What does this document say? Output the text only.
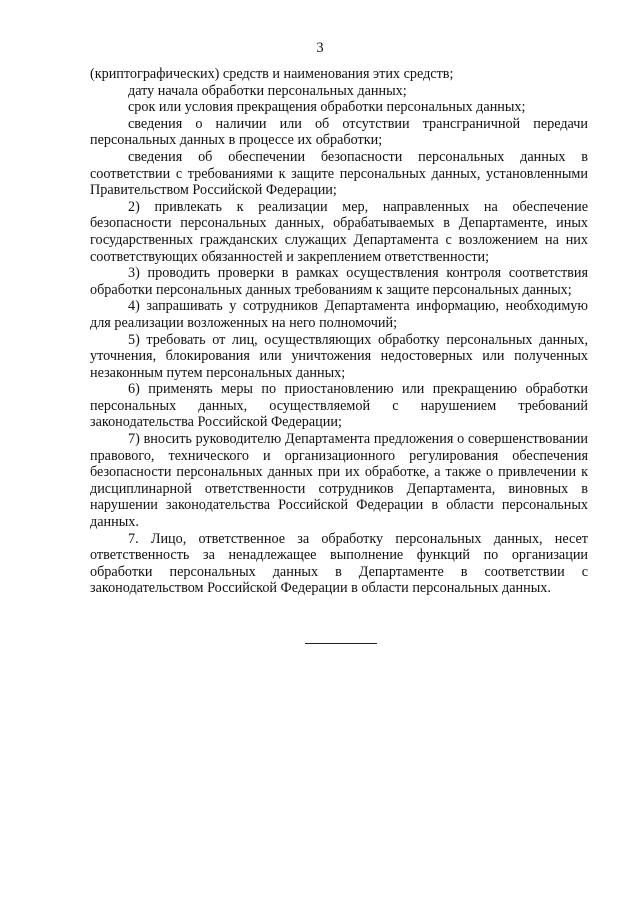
3

(криптографических) средств и наименования этих средств;

дату начала обработки персональных данных;

срок или условия прекращения обработки персональных данных;

сведения о наличии или об отсутствии трансграничной передачи персональных данных в процессе их обработки;

сведения об обеспечении безопасности персональных данных в соответствии с требованиями к защите персональных данных, установленными Правительством Российской Федерации;

2) привлекать к реализации мер, направленных на обеспечение безопасности персональных данных, обрабатываемых в Департаменте, иных государственных гражданских служащих Департамента с возложением на них соответствующих обязанностей и закреплением ответственности;

3) проводить проверки в рамках осуществления контроля соответствия обработки персональных данных требованиям к защите персональных данных;

4) запрашивать у сотрудников Департамента информацию, необходимую для реализации возложенных на него полномочий;

5) требовать от лиц, осуществляющих обработку персональных данных, уточнения, блокирования или уничтожения недостоверных или полученных незаконным путем персональных данных;

6) применять меры по приостановлению или прекращению обработки персональных данных, осуществляемой с нарушением требований законодательства Российской Федерации;

7) вносить руководителю Департамента предложения о совершенствовании правового, технического и организационного регулирования обеспечения безопасности персональных данных при их обработке, а также о привлечении к дисциплинарной ответственности сотрудников Департамента, виновных в нарушении законодательства Российской Федерации в области персональных данных.

7. Лицо, ответственное за обработку персональных данных, несет ответственность за ненадлежащее выполнение функций по организации обработки персональных данных в Департаменте в соответствии с законодательством Российской Федерации в области персональных данных.
